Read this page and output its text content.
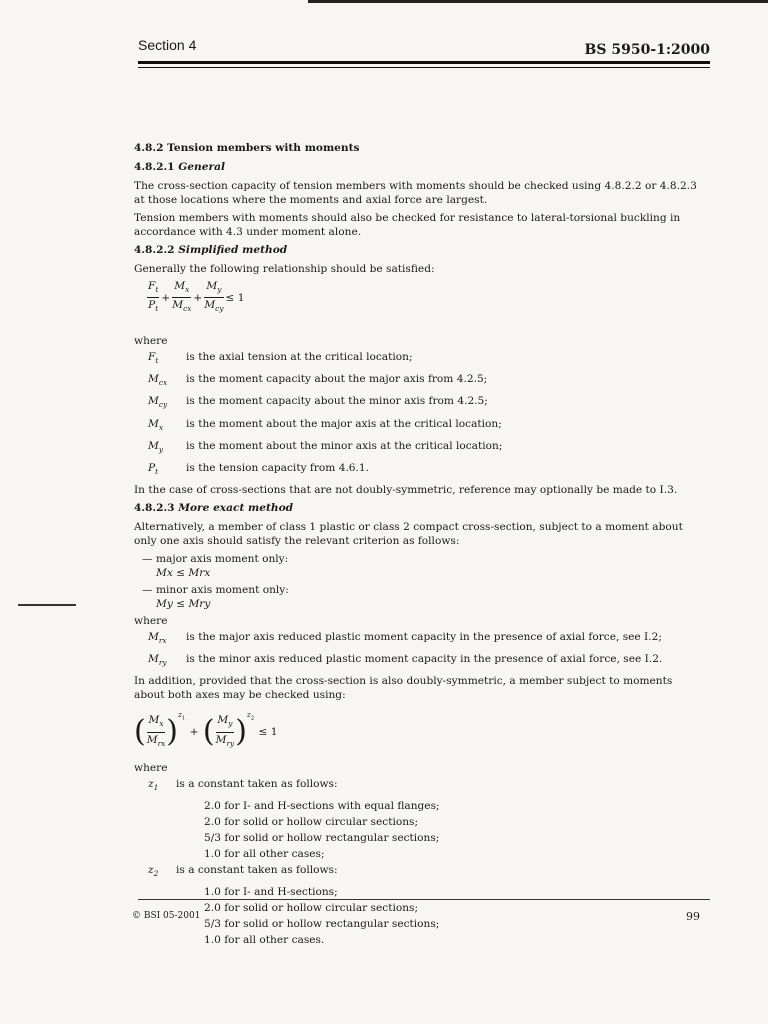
Section 4	BS 5950-1:2000
4.8.2 Tension members with moments
4.8.2.1 General

The cross-section capacity of tension members with moments should be checked using 4.8.2.2 or 4.8.2.3 at those locations where the moments and axial force are largest.

Tension members with moments should also be checked for resistance to lateral-torsional buckling in accordance with 4.3 under moment alone.

4.8.2.2 Simplified method

Generally the following relationship should be satisfied:

$\frac{F_t}{P_t} + \frac{M_x}{M_{cx}} + \frac{M_y}{M_{cy}} \le 1$

where

$F_t$	is the axial tension at the critical location;
$M_{cx}$	is the moment capacity about the major axis from 4.2.5;
$M_{cy}$	is the moment capacity about the minor axis from 4.2.5;
$M_x$	is the moment about the major axis at the critical location;
$M_y$	is the moment about the minor axis at the critical location;
$P_t$	is the tension capacity from 4.6.1.

In the case of cross-sections that are not doubly-symmetric, reference may optionally be made to I.3.

4.8.2.3 More exact method

Alternatively, a member of class 1 plastic or class 2 compact cross-section, subject to a moment about only one axis should satisfy the relevant criterion as follows:

— major axis moment only:
Mx ≤ Mrx
— minor axis moment only:
My ≤ Mry

where

$M_{rx}$	is the major axis reduced plastic moment capacity in the presence of axial force, see I.2;
$M_{ry}$	is the minor axis reduced plastic moment capacity in the presence of axial force, see I.2.

In addition, provided that the cross-section is also doubly-symmetric, a member subject to moments about both axes may be checked using:

( $\frac{M_x}{M_{rx}} )^{z_1}$ + ( $\frac{M_y}{M_{ry}} )^{z_2} \le 1$

where

$z_1$	is a constant taken as follows:

2.0 for I- and H-sections with equal flanges;

2.0 for solid or hollow circular sections;

5/3 for solid or hollow rectangular sections;

1.0 for all other cases;

$z_2$	is a constant taken as follows:

1.0 for I- and H-sections;

2.0 for solid or hollow circular sections;

5/3 for solid or hollow rectangular sections;

1.0 for all other cases.

© BSI 05-2001	99
